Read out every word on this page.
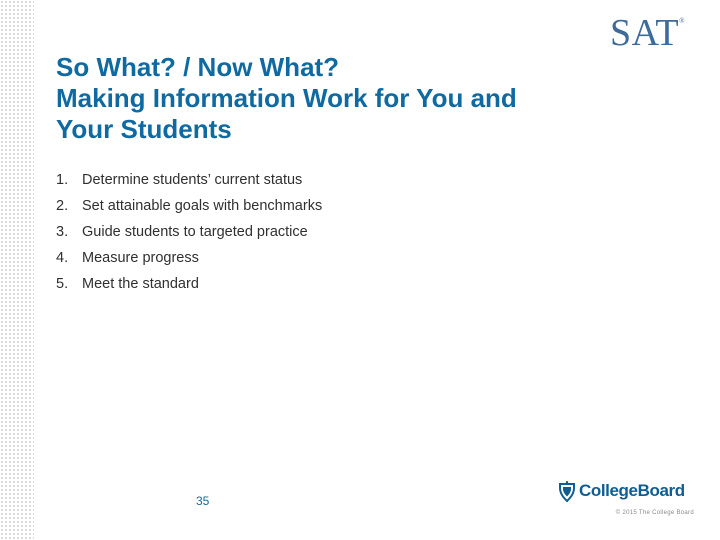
SAT®
So What? / Now What?
Making Information Work for You and
Your Students
1. Determine students’ current status
2. Set attainable goals with benchmarks
3. Guide students to targeted practice
4. Measure progress
5. Meet the standard
35
CollegeBoard
© 2015 The College Board
